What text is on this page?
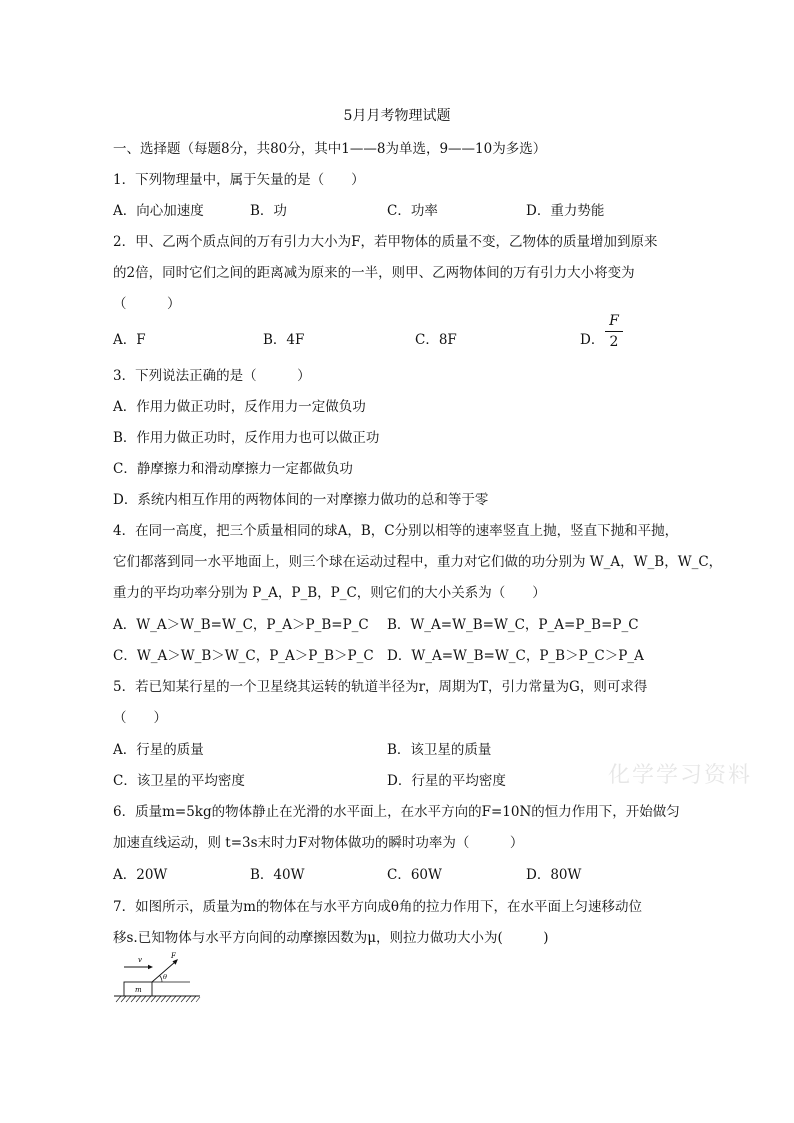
5月月考物理试题
一、选择题（每题8分，共80分，其中1——8为单选，9——10为多选）
1．下列物理量中，属于矢量的是（　　）
A．向心加速度	B．功	C．功率	D．重力势能
2．甲、乙两个质点间的万有引力大小为F，若甲物体的质量不变，乙物体的质量增加到原来
的2倍，同时它们之间的距离减为原来的一半，则甲、乙两物体间的万有引力大小将变为
（　　　）
A．F	B．4F	C．8F	D．
F
2
3．下列说法正确的是（　　　）
A．作用力做正功时，反作用力一定做负功
B．作用力做正功时，反作用力也可以做正功
C．静摩擦力和滑动摩擦力一定都做负功
D．系统内相互作用的两物体间的一对摩擦力做功的总和等于零
4．在同一高度，把三个质量相同的球A，B，C分别以相等的速率竖直上抛，竖直下抛和平抛，
它们都落到同一水平地面上，则三个球在运动过程中，重力对它们做的功分别为 W_A，W_B，W_C，
重力的平均功率分别为 P_A，P_B，P_C，则它们的大小关系为（　　）
A．W_A＞W_B=W_C，P_A＞P_B=P_C B．W_A=W_B=W_C，P_A=P_B=P_C
C．W_A＞W_B＞W_C，P_A＞P_B＞P_C D．W_A=W_B=W_C，P_B＞P_C＞P_A
5．若已知某行星的一个卫星绕其运转的轨道半径为r，周期为T，引力常量为G，则可求得
（　　）
A．行星的质量	B．该卫星的质量
C．该卫星的平均密度	D．行星的平均密度	化学学习资料
6．质量m=5kg的物体静止在光滑的水平面上，在水平方向的F=10N的恒力作用下，开始做匀
加速直线运动，则 t=3s末时力F对物体做功的瞬时功率为（　　　）
A．20W	B．40W	C．60W	D．80W
7．如图所示，质量为m的物体在与水平方向成θ角的拉力作用下，在水平面上匀速移动位
移s.已知物体与水平方向间的动摩擦因数为μ，则拉力做功大小为(　　　)
v
m
F
θ
